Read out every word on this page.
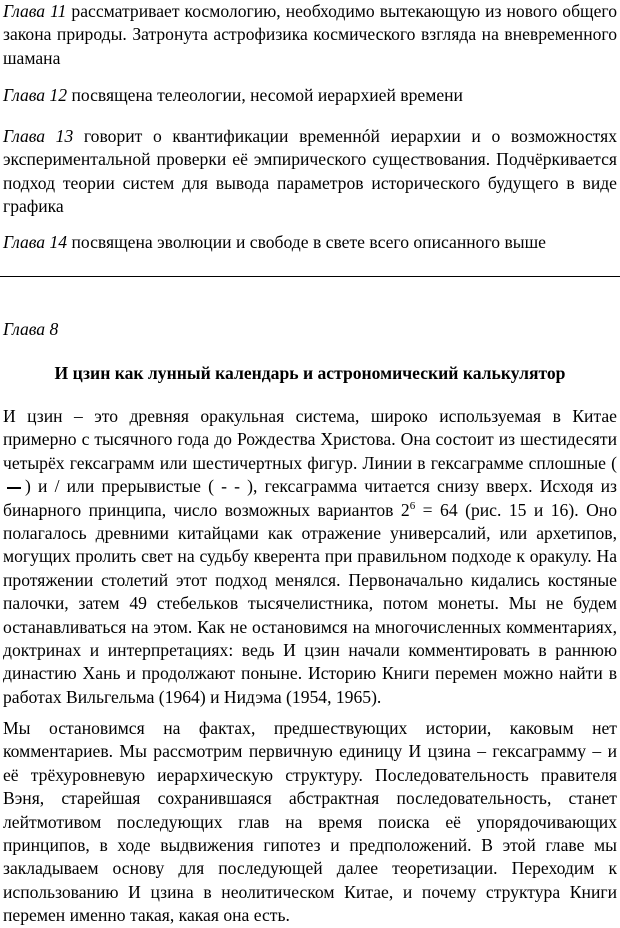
Глава 11 рассматривает космологию, необходимо вытекающую из нового общего закона природы. Затронута астрофизика космического взгляда на вневременного шамана

Глава 12 посвящена телеологии, несомой иерархией времени

Глава 13 говорит о квантификации временнóй иерархии и о возможностях экспериментальной проверки её эмпирического существования. Подчёркивается подход теории систем для вывода параметров исторического будущего в виде графика

Глава 14 посвящена эволюции и свободе в свете всего описанного выше

И цзин – это древняя оракульная система, широко используемая в Китае примерно с тысячного года до Рождества Христова. Она состоит из шестидесяти четырёх гексаграмм или шестичертных фигур. Линии в гексаграмме сплошные () и / или прерывистые ( - - ), гексаграмма читается снизу вверх. Исходя из бинарного принципа, число возможных вариантов $2^6 = 64$ (рис. 15 и 16). Оно полагалось древними китайцами как отражение универсалий, или архетипов, могущих пролить свет на судьбу кверента при правильном подходе к оракулу. На протяжении столетий этот подход менялся. Первоначально кидались костяные палочки, затем 49 стебельков тысячелистника, потом монеты. Мы не будем останавливаться на этом. Как не остановимся на многочисленных комментариях, доктринах и интерпретациях: ведь И цзин начали комментировать в раннюю династию Хань и продолжают поныне. Историю Книги перемен можно найти в работах Вильгельма (1964) и Нидэма (1954, 1965).

Мы остановимся на фактах, предшествующих истории, каковым нет комментариев. Мы рассмотрим первичную единицу И цзина – гексаграмму – и её трёхуровневую иерархическую структуру. Последовательность правителя Вэня, старейшая сохранившаяся абстрактная последовательность, станет лейтмотивом последующих глав на время поиска её упорядочивающих принципов, в ходе выдвижения гипотез и предположений. В этой главе мы закладываем основу для последующей далее теоретизации. Переходим к использованию И цзина в неолитическом Китае, и почему структура Книги перемен именно такая, какая она есть.

Глава 8

И цзин как лунный календарь и астрономический калькулятор
